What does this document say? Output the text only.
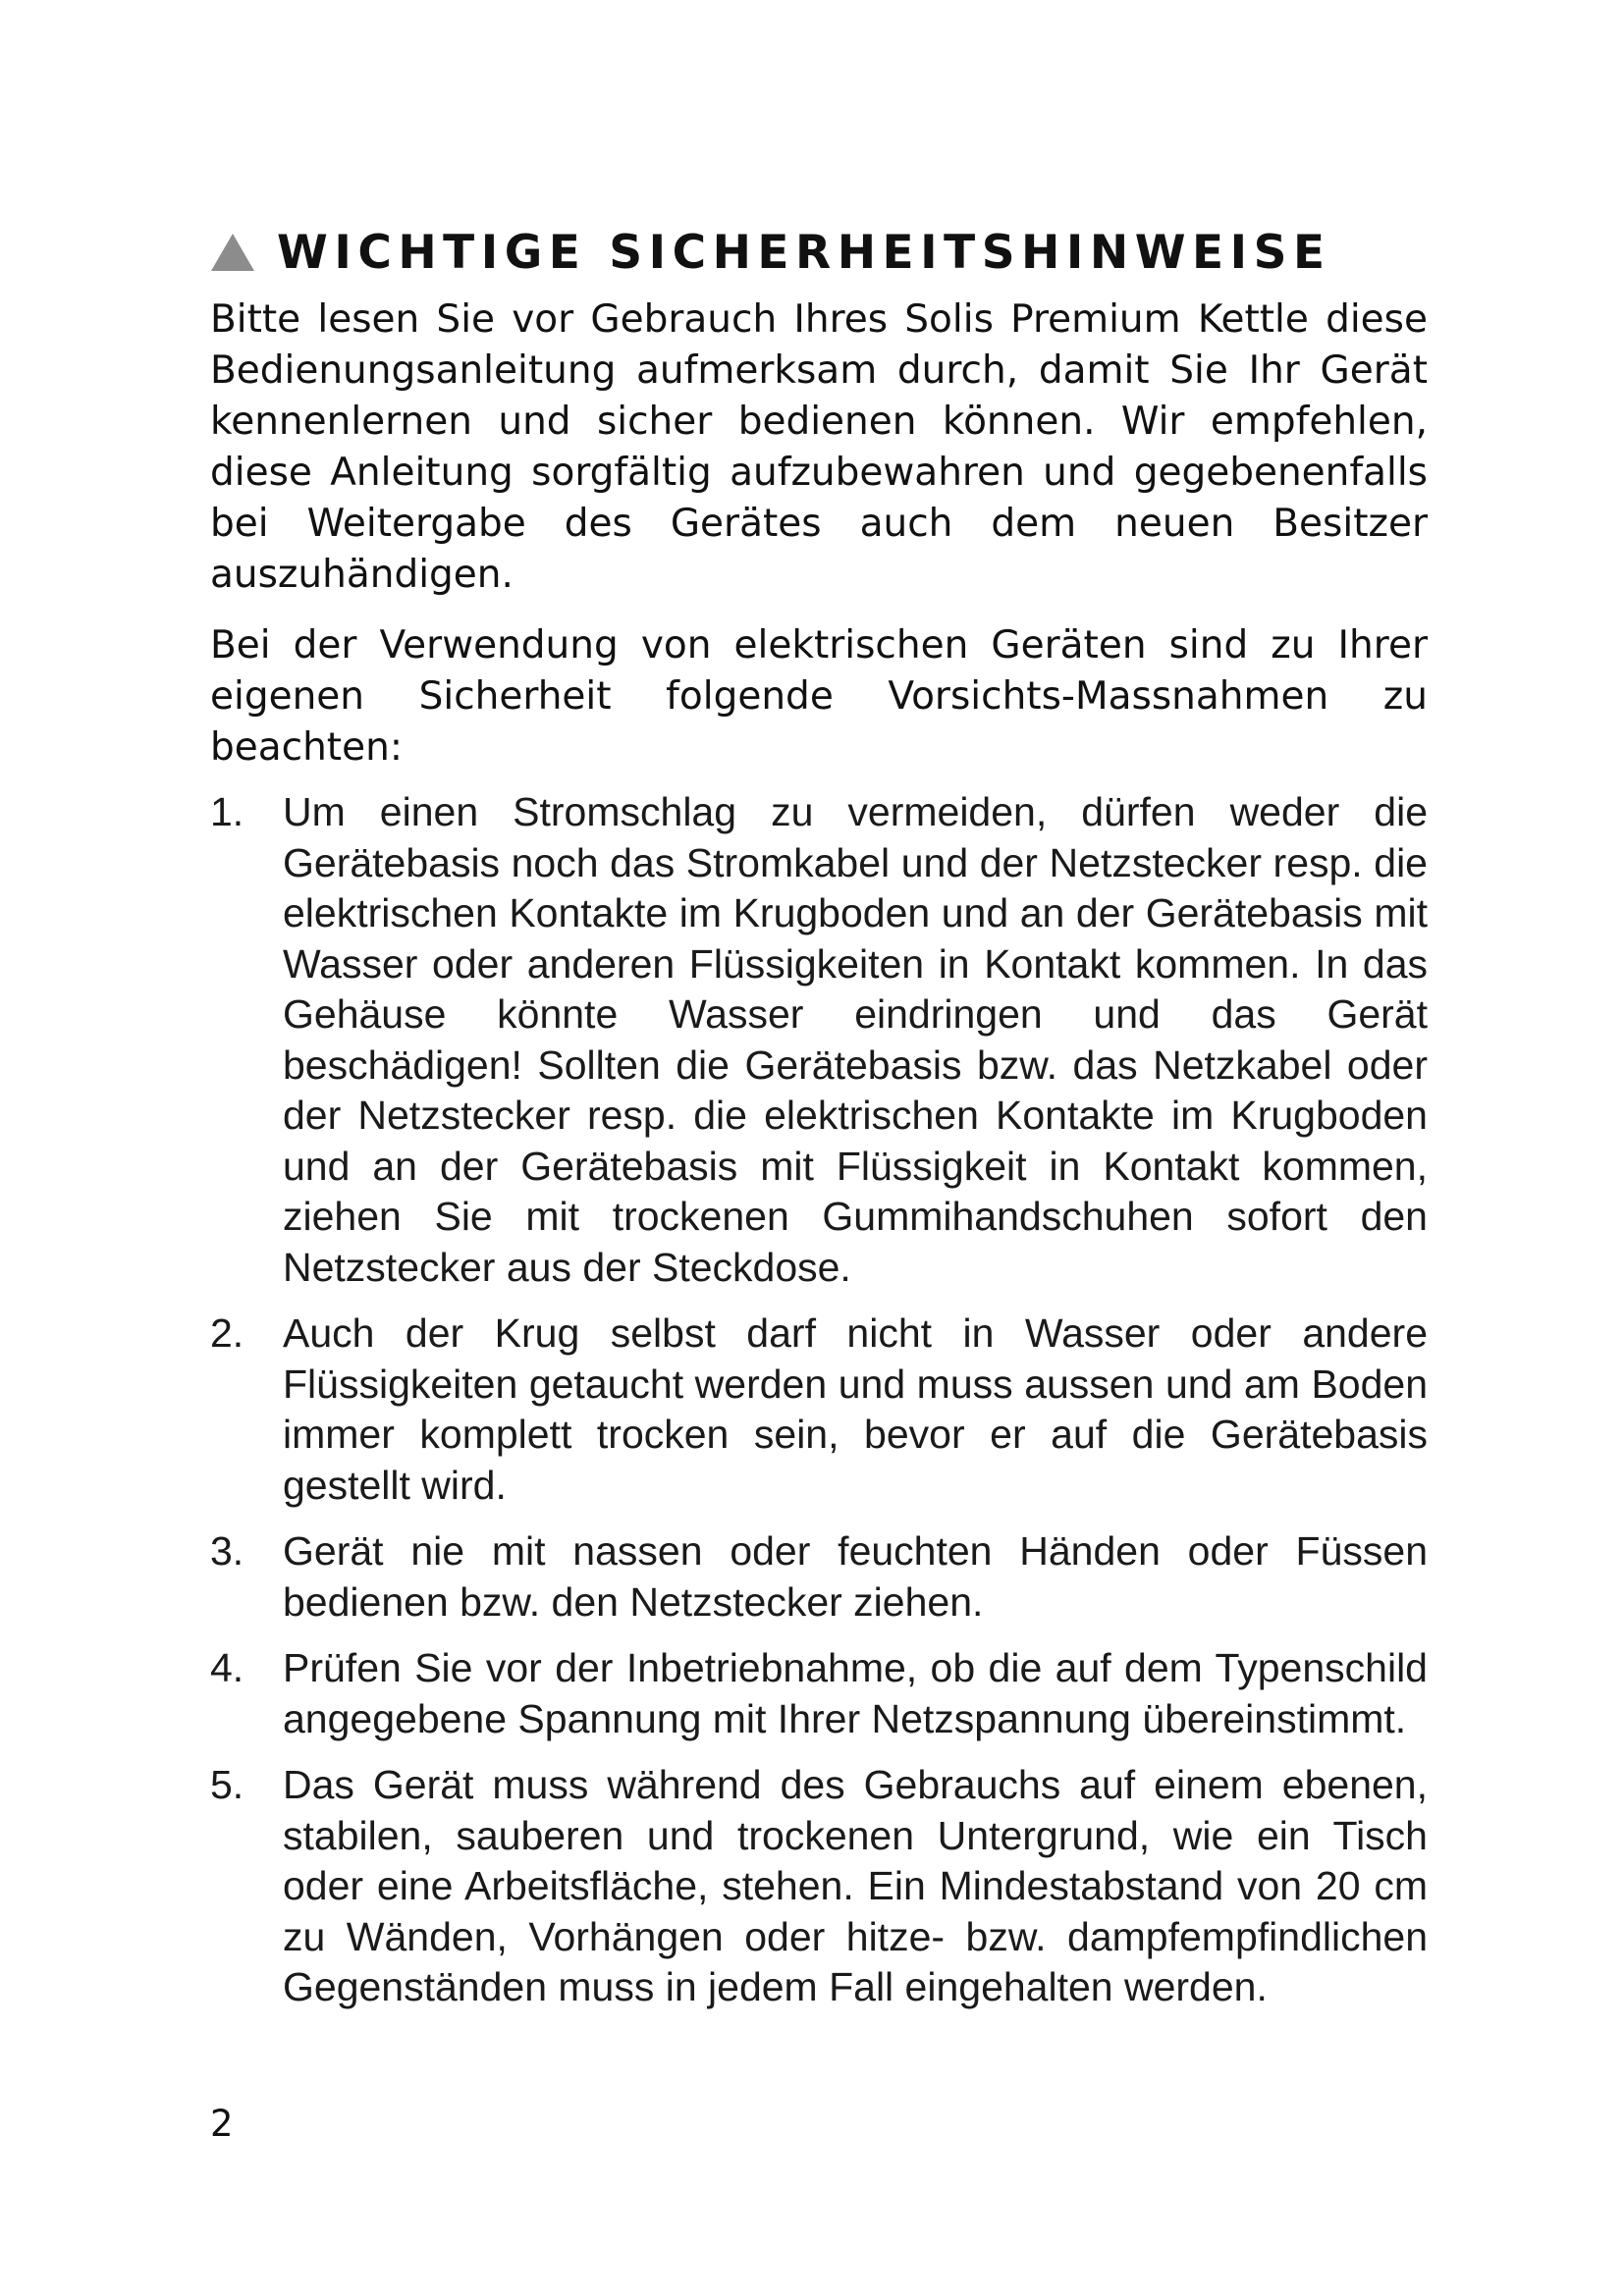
WICHTIGE SICHERHEITSHINWEISE

Bitte lesen Sie vor Gebrauch Ihres Solis Premium Kettle diese Bedienungsanleitung aufmerksam durch, damit Sie Ihr Gerät kennenlernen und sicher bedienen können. Wir empfehlen, diese Anleitung sorgfältig aufzubewahren und gegebenenfalls bei Weitergabe des Gerätes auch dem neuen Besitzer auszuhändigen.

Bei der Verwendung von elektrischen Geräten sind zu Ihrer eigenen Sicherheit folgende Vorsichts-Massnahmen zu beachten:

1. Um einen Stromschlag zu vermeiden, dürfen weder die Gerätebasis noch das Stromkabel und der Netzstecker resp. die elektrischen Kontakte im Krugboden und an der Gerätebasis mit Wasser oder anderen Flüssigkeiten in Kontakt kommen. In das Gehäuse könnte Wasser eindringen und das Gerät beschädigen! Sollten die Gerätebasis bzw. das Netzkabel oder der Netzstecker resp. die elektrischen Kontakte im Krugboden und an der Gerätebasis mit Flüssigkeit in Kontakt kommen, ziehen Sie mit trockenen Gummihandschuhen sofort den Netzstecker aus der Steckdose.
2. Auch der Krug selbst darf nicht in Wasser oder andere Flüssigkeiten getaucht werden und muss aussen und am Boden immer komplett trocken sein, bevor er auf die Gerätebasis gestellt wird.
3. Gerät nie mit nassen oder feuchten Händen oder Füssen bedienen bzw. den Netzstecker ziehen.
4. Prüfen Sie vor der Inbetriebnahme, ob die auf dem Typenschild angegebene Spannung mit Ihrer Netzspannung übereinstimmt.
5. Das Gerät muss während des Gebrauchs auf einem ebenen, stabilen, sauberen und trockenen Untergrund, wie ein Tisch oder eine Arbeitsfläche, stehen. Ein Mindestabstand von 20 cm zu Wänden, Vorhängen oder hitze- bzw. dampfempfindlichen Gegenständen muss in jedem Fall eingehalten werden.
2
